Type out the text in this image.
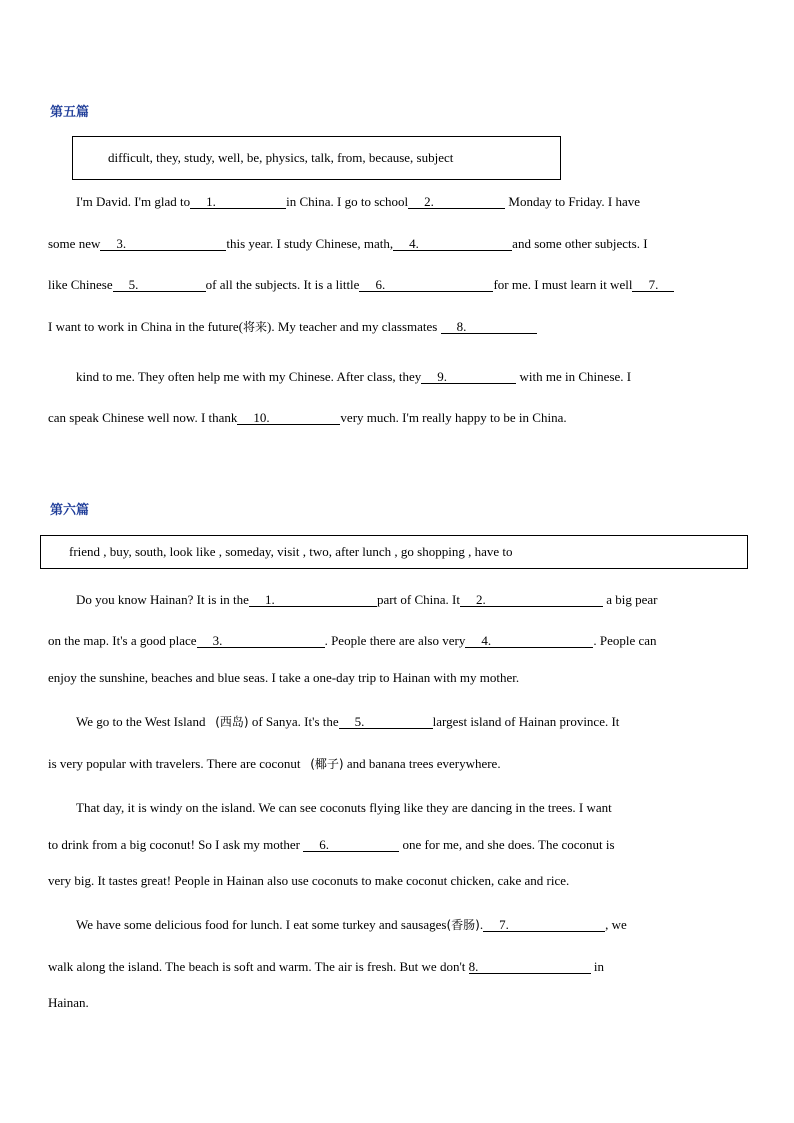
第五篇
difficult, they, study, well, be, physics, talk, from, because, subject
I'm David. I'm glad to 1.	in China. I go to school 2.	Monday to Friday. I have
some new 3.	this year. I study Chinese, math, 4.	and some other subjects. I
like Chinese 5.	of all the subjects. It is a little 6.	for me. I must learn it well 7.
I want to work in China in the future(将来). My teacher and my classmates 8.
kind to me. They often help me with my Chinese. After class, they 9.	with me in Chinese. I
can speak Chinese well now. I thank 10.	very much. I'm really happy to be in China.
第六篇
friend , buy, south, look like , someday, visit , two, after lunch , go shopping , have to
Do you know Hainan? It is in the 1.	part of China. It 2.	a big pear
on the map. It's a good place 3.	. People there are also very 4.	. People can
enjoy the sunshine, beaches and blue seas. I take a one-day trip to Hainan with my mother.
We go to the West Island (西岛) of Sanya. It's the 5.	largest island of Hainan province. It
is very popular with travelers. There are coconut (椰子) and banana trees everywhere.
That day, it is windy on the island. We can see coconuts flying like they are dancing in the trees. I want
to drink from a big coconut! So I ask my mother 6.	one for me, and she does. The coconut is
very big. It tastes great! People in Hainan also use coconuts to make coconut chicken, cake and rice.
We have some delicious food for lunch. I eat some turkey and sausages(香肠). 7.	, we
walk along the island. The beach is soft and warm. The air is fresh. But we don't 8.	in
Hainan.
